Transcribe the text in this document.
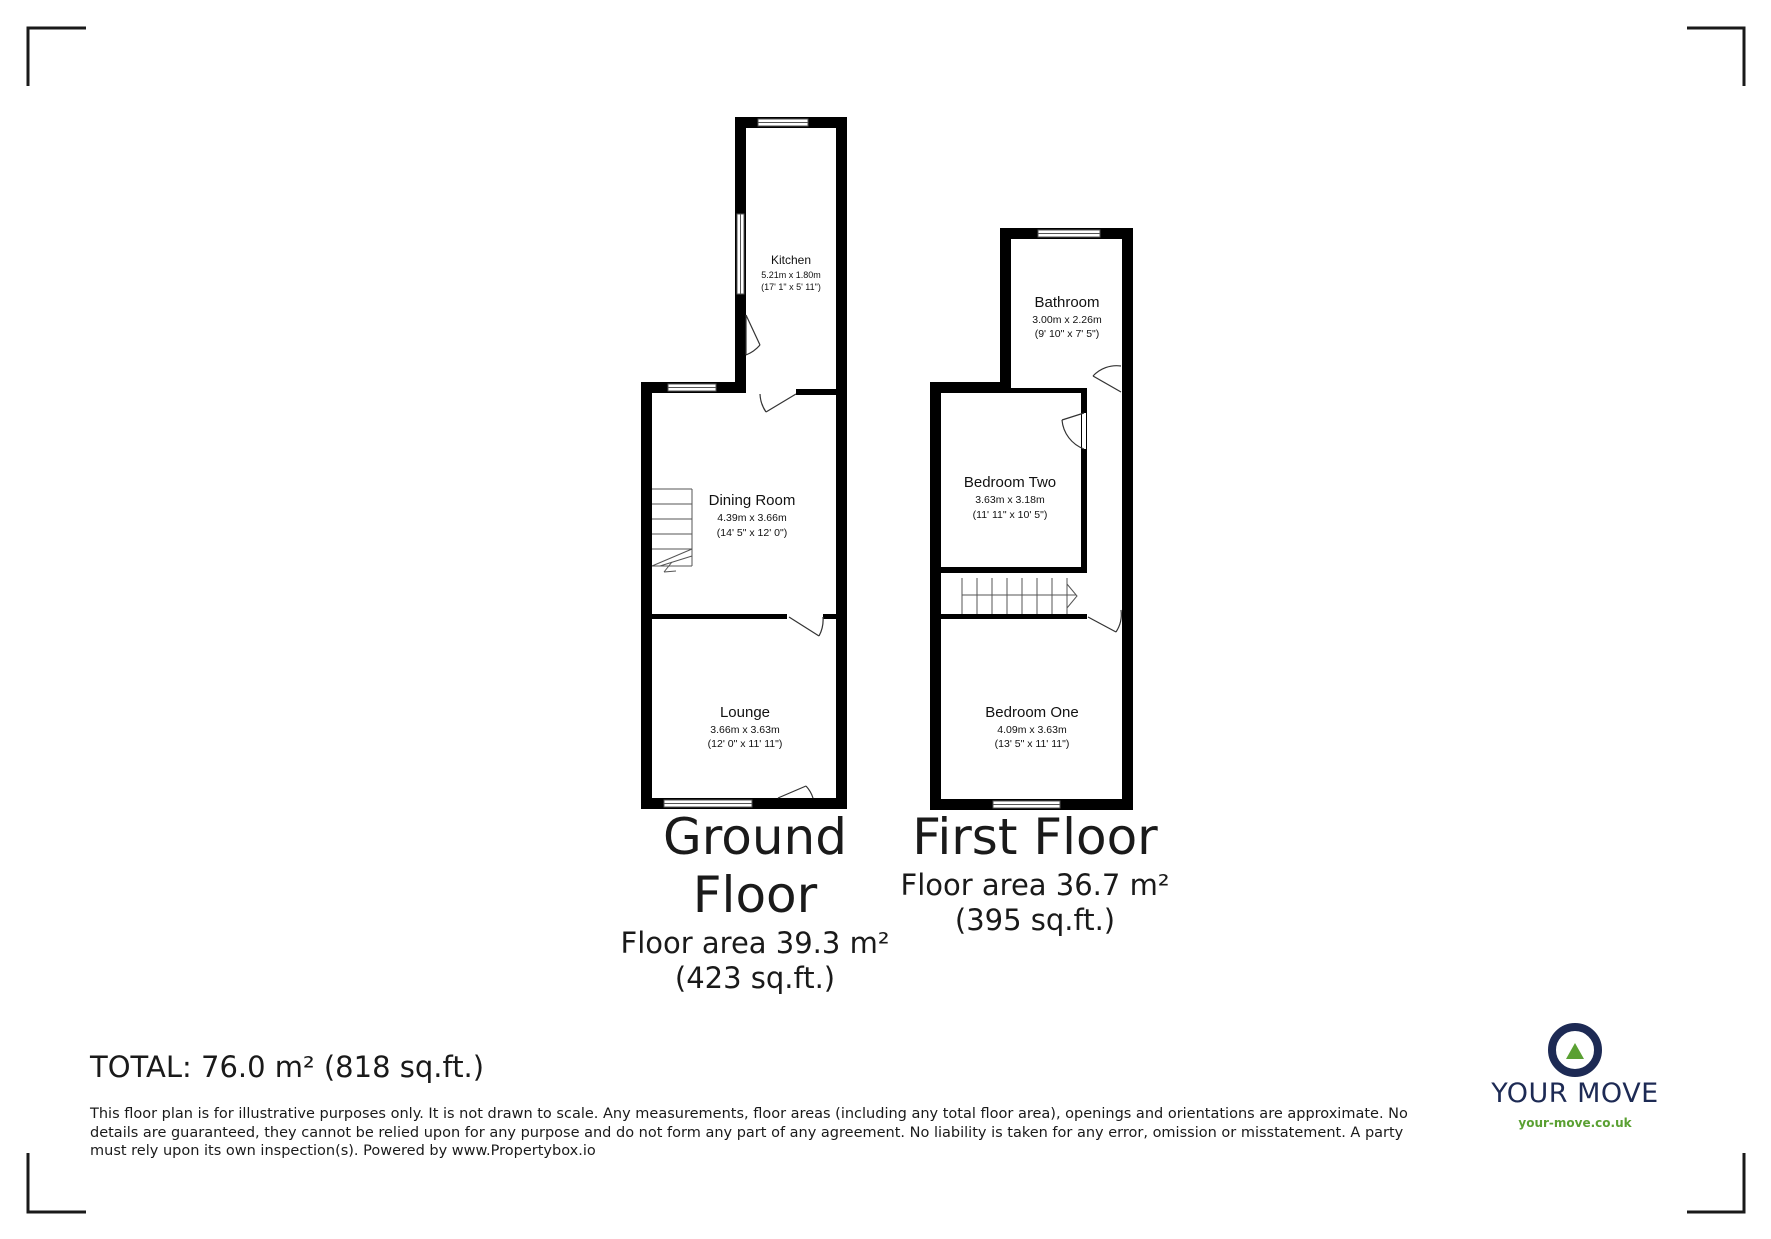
Kitchen
5.21m x 1.80m
(17' 1" x 5' 11")
Dining Room
4.39m x 3.66m
(14' 5" x 12' 0")
Lounge
3.66m x 3.63m
(12' 0" x 11' 11")
Bathroom
3.00m x 2.26m
(9' 10" x 7' 5")
Bedroom Two
3.63m x 3.18m
(11' 11" x 10' 5")
Bedroom One
4.09m x 3.63m
(13' 5" x 11' 11")
Ground
Floor
Floor area 39.3 m²
(423 sq.ft.)
First Floor
Floor area 36.7 m²
(395 sq.ft.)
TOTAL: 76.0 m² (818 sq.ft.)
This floor plan is for illustrative purposes only. It is not drawn to scale. Any measurements, floor areas (including any total floor area), openings and orientations are approximate. No details are guaranteed, they cannot be relied upon for any purpose and do not form any part of any agreement. No liability is taken for any error, omission or misstatement. A party must rely upon its own inspection(s). Powered by www.Propertybox.io
YOUR MOVE
your-move.co.uk
